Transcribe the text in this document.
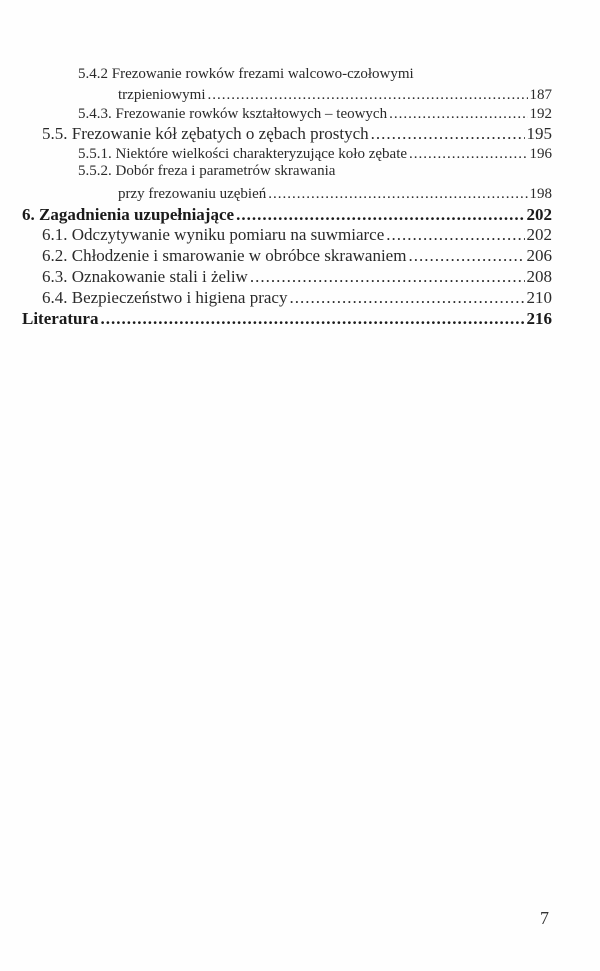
5.4.2 Frezowanie rowków frezami walcowo-czołowymi
trzpieniowymi .....	187
5.4.3. Frezowanie rowków kształtowych – teowych .....	192
5.5. Frezowanie kół zębatych o zębach prostych .....	195
5.5.1. Niektóre wielkości charakteryzujące koło zębate .....	196
5.5.2. Dobór freza i parametrów skrawania
przy frezowaniu uzębień .....	198
6. Zagadnienia uzupełniające .....	202
6.1. Odczytywanie wyniku pomiaru na suwmiarce .....	202
6.2. Chłodzenie i smarowanie w obróbce skrawaniem .....	206
6.3. Oznakowanie stali i żeliw .....	208
6.4. Bezpieczeństwo i higiena pracy .....	210
Literatura .....	216
7
